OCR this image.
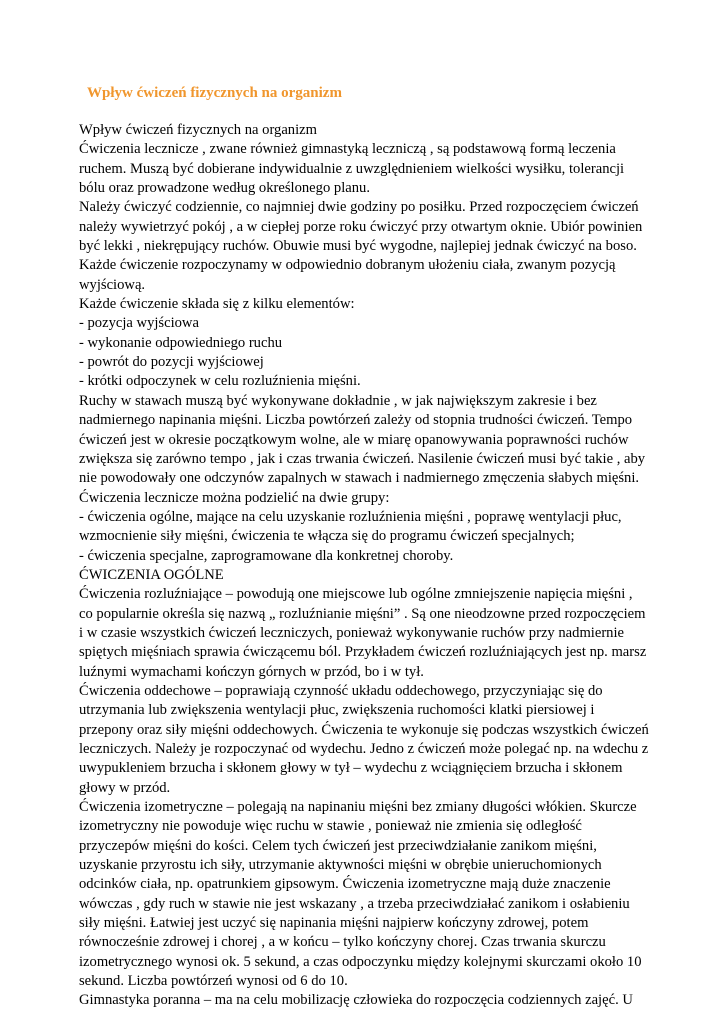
Wpływ ćwiczeń fizycznych na organizm
Wpływ ćwiczeń fizycznych na organizm
Ćwiczenia lecznicze , zwane również gimnastyką leczniczą , są podstawową formą leczenia
ruchem. Muszą być dobierane indywidualnie z uwzględnieniem wielkości wysiłku, tolerancji
bólu oraz prowadzone według określonego planu.
Należy ćwiczyć codziennie, co najmniej dwie godziny po posiłku. Przed rozpoczęciem ćwiczeń
należy wywietrzyć pokój , a w ciepłej porze roku ćwiczyć przy otwartym oknie. Ubiór powinien
być lekki , niekrępujący ruchów. Obuwie musi być wygodne, najlepiej jednak ćwiczyć na boso.
Każde ćwiczenie rozpoczynamy w odpowiednio dobranym ułożeniu ciała, zwanym pozycją
wyjściową.
Każde ćwiczenie składa się z kilku elementów:
- pozycja wyjściowa
- wykonanie odpowiedniego ruchu
- powrót do pozycji wyjściowej
- krótki odpoczynek w celu rozluźnienia mięśni.
Ruchy w stawach muszą być wykonywane dokładnie , w jak największym zakresie i bez
nadmiernego napinania mięśni. Liczba powtórzeń zależy od stopnia trudności ćwiczeń. Tempo
ćwiczeń jest w okresie początkowym wolne, ale w miarę opanowywania poprawności ruchów
zwiększa się zarówno tempo , jak i czas trwania ćwiczeń. Nasilenie ćwiczeń musi być takie , aby
nie powodowały one odczynów zapalnych w stawach i nadmiernego zmęczenia słabych mięśni.
Ćwiczenia lecznicze można podzielić na dwie grupy:
- ćwiczenia ogólne, mające na celu uzyskanie rozluźnienia mięśni , poprawę wentylacji płuc,
wzmocnienie siły mięśni, ćwiczenia te włącza się do programu ćwiczeń specjalnych;
- ćwiczenia specjalne, zaprogramowane dla konkretnej choroby.
ĆWICZENIA OGÓLNE
Ćwiczenia rozluźniające – powodują one miejscowe lub ogólne zmniejszenie napięcia mięśni ,
co popularnie określa się nazwą „ rozluźnianie mięśni” . Są one nieodzowne przed rozpoczęciem
i w czasie wszystkich ćwiczeń leczniczych, ponieważ wykonywanie ruchów przy nadmiernie
spiętych mięśniach sprawia ćwiczącemu ból. Przykładem ćwiczeń rozluźniających jest np. marsz
luźnymi wymachami kończyn górnych w przód, bo i w tył.
Ćwiczenia oddechowe – poprawiają czynność układu oddechowego, przyczyniając się do
utrzymania lub zwiększenia wentylacji płuc, zwiększenia ruchomości klatki piersiowej i
przepony oraz siły mięśni oddechowych. Ćwiczenia te wykonuje się podczas wszystkich ćwiczeń
leczniczych. Należy je rozpoczynać od wydechu. Jedno z ćwiczeń może polegać np. na wdechu z
uwypukleniem brzucha i skłonem głowy w tył – wydechu z wciągnięciem brzucha i skłonem
głowy w przód.
Ćwiczenia izometryczne – polegają na napinaniu mięśni bez zmiany długości włókien. Skurcze
izometryczny nie powoduje więc ruchu w stawie , ponieważ nie zmienia się odległość
przyczepów mięśni do kości. Celem tych ćwiczeń jest przeciwdziałanie zanikom mięśni,
uzyskanie przyrostu ich siły, utrzymanie aktywności mięśni w obrębie unieruchomionych
odcinków ciała, np. opatrunkiem gipsowym. Ćwiczenia izometryczne mają duże znaczenie
wówczas , gdy ruch w stawie nie jest wskazany , a trzeba przeciwdziałać zanikom i osłabieniu
siły mięśni. Łatwiej jest uczyć się napinania mięśni najpierw kończyny zdrowej, potem
równocześnie zdrowej i chorej , a w końcu – tylko kończyny chorej. Czas trwania skurczu
izometrycznego wynosi ok. 5 sekund, a czas odpoczynku między kolejnymi skurczami około 10
sekund. Liczba powtórzeń wynosi od 6 do 10.
Gimnastyka poranna – ma na celu mobilizację człowieka do rozpoczęcia codziennych zajęć. U
